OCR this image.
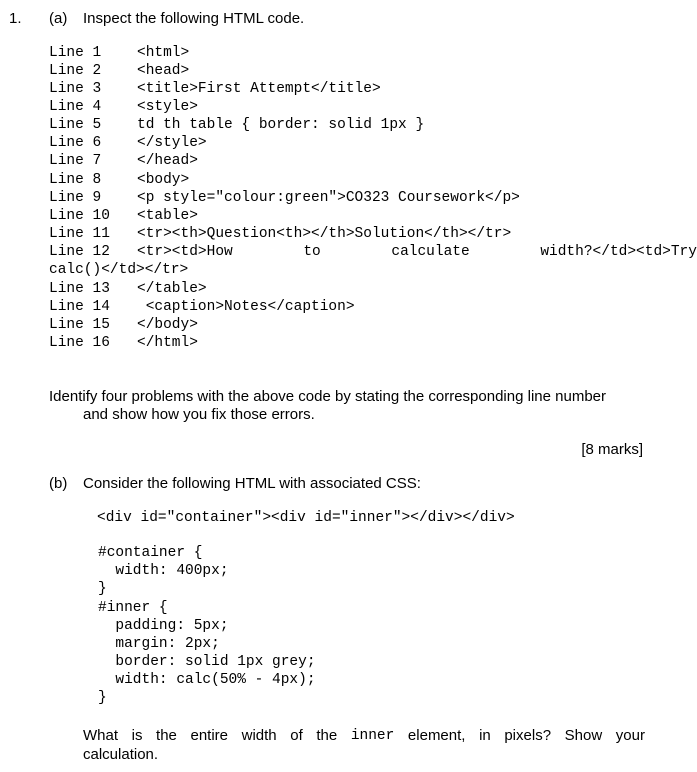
1. (a) Inspect the following HTML code.
Line 1 <html>
Line 2 <head>
Line 3 <title>First Attempt</title>
Line 4 <style>
Line 5 td th table { border: solid 1px }
Line 6 </style>
Line 7 </head>
Line 8 <body>
Line 9 <p style="colour:green">CO323 Coursework</p>
Line 10 <table>
Line 11 <tr><th>Question<th></th>Solution</th></tr>
Line 12 <tr><td>How	to	calculate	width?</td><td>Try
calc()</td></tr>
Line 13 </table>
Line 14 <caption>Notes</caption>
Line 15 </body>
Line 16 </html>
Identify four problems with the above code by stating the corresponding line number
and show how you fix those errors.
[8 marks]
(b) Consider the following HTML with associated CSS:
<div id="container"><div id="inner"></div></div>
#container {
width: 400px;
}
#inner {
padding: 5px;
margin: 2px;
border: solid 1px grey;
width: calc(50% - 4px);
}
What is the entire width of the inner element, in pixels? Show your
calculation.
